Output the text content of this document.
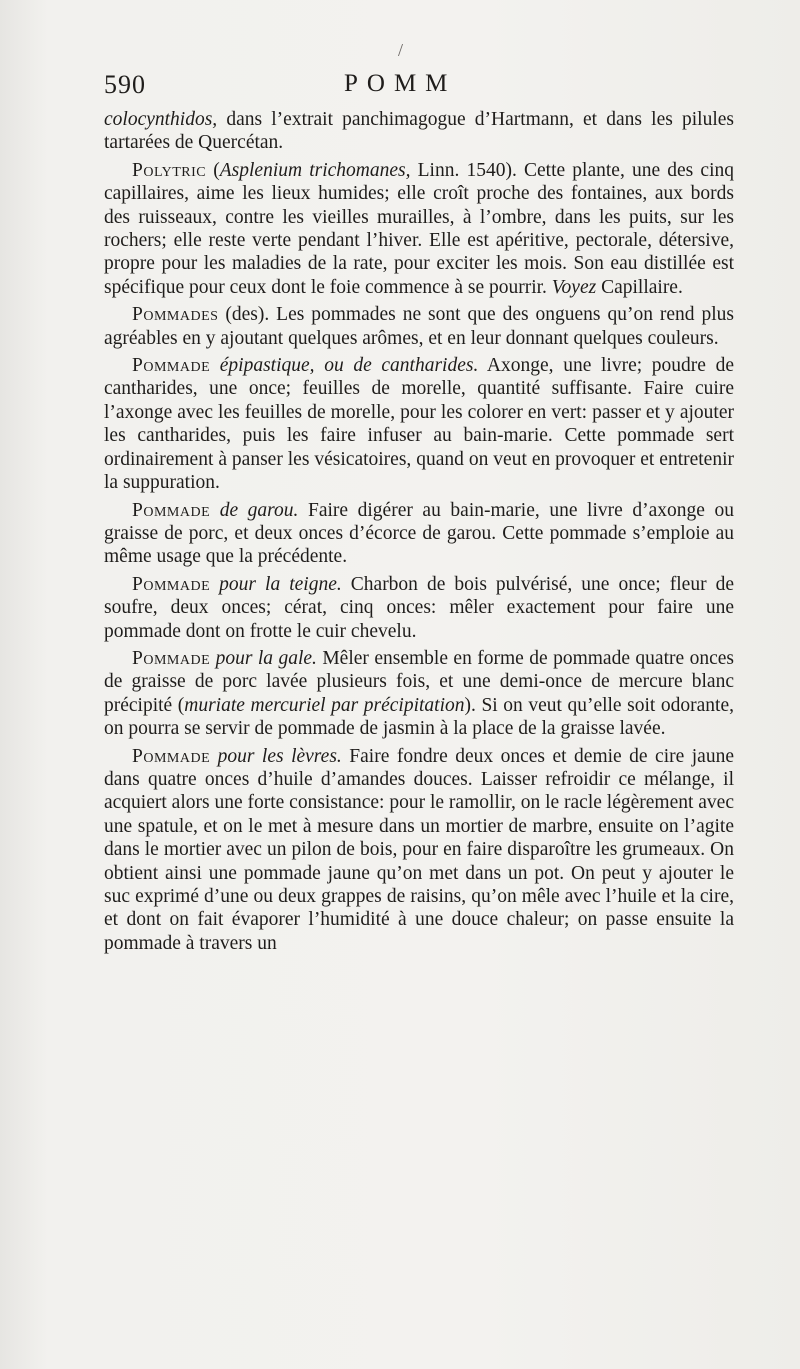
/
590	POMM

colocynthidos, dans l’extrait panchimagogue d’Hartmann, et dans les pilules tartarées de Quercétan.

Polytric (Asplenium trichomanes, Linn. 1540). Cette plante, une des cinq capillaires, aime les lieux humides; elle croît proche des fontaines, aux bords des ruisseaux, contre les vieilles murailles, à l’ombre, dans les puits, sur les rochers; elle reste verte pendant l’hiver. Elle est apéritive, pectorale, détersive, propre pour les maladies de la rate, pour exciter les mois. Son eau distillée est spécifique pour ceux dont le foie commence à se pourrir. Voyez Capillaire.

Pommades (des). Les pommades ne sont que des onguens qu’on rend plus agréables en y ajoutant quelques arômes, et en leur donnant quelques couleurs.

Pommade épipastique, ou de cantharides. Axonge, une livre; poudre de cantharides, une once; feuilles de morelle, quantité suffisante. Faire cuire l’axonge avec les feuilles de morelle, pour les colorer en vert: passer et y ajouter les cantharides, puis les faire infuser au bain-marie. Cette pommade sert ordinairement à panser les vésicatoires, quand on veut en provoquer et entretenir la suppuration.

Pommade de garou. Faire digérer au bain-marie, une livre d’axonge ou graisse de porc, et deux onces d’écorce de garou. Cette pommade s’emploie au même usage que la précédente.

Pommade pour la teigne. Charbon de bois pulvérisé, une once; fleur de soufre, deux onces; cérat, cinq onces: mêler exactement pour faire une pommade dont on frotte le cuir chevelu.

Pommade pour la gale. Mêler ensemble en forme de pommade quatre onces de graisse de porc lavée plusieurs fois, et une demi-once de mercure blanc précipité (muriate mercuriel par précipitation). Si on veut qu’elle soit odorante, on pourra se servir de pommade de jasmin à la place de la graisse lavée.

Pommade pour les lèvres. Faire fondre deux onces et demie de cire jaune dans quatre onces d’huile d’amandes douces. Laisser refroidir ce mélange, il acquiert alors une forte consistance: pour le ramollir, on le racle légèrement avec une spatule, et on le met à mesure dans un mortier de marbre, ensuite on l’agite dans le mortier avec un pilon de bois, pour en faire disparoître les grumeaux. On obtient ainsi une pommade jaune qu’on met dans un pot. On peut y ajouter le suc exprimé d’une ou deux grappes de raisins, qu’on mêle avec l’huile et la cire, et dont on fait évaporer l’humidité à une douce chaleur; on passe ensuite la pommade à travers un
